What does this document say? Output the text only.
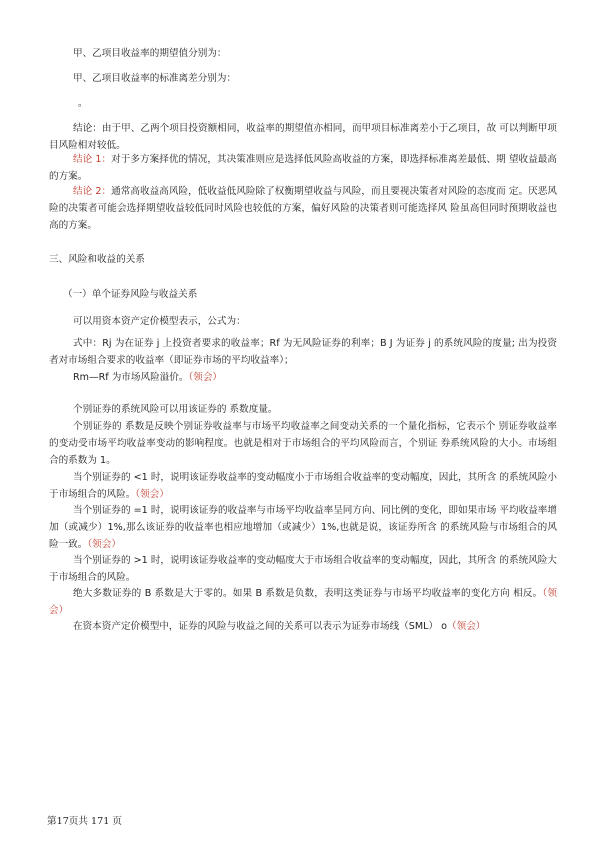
甲、乙项目收益率的期望值分别为：

甲、乙项目收益率的标准离差分别为：

。

结论：由于甲、乙两个项目投资额相同，收益率的期望值亦相同，而甲项目标准离差小于乙项目，故 可以判断甲项目风险相对较低。

结论 1：对于多方案择优的情况，其决策准则应是选择低风险高收益的方案，即选择标准离差最低、期 望收益最高的方案。

结论 2：通常高收益高风险，低收益低风险除了权衡期望收益与风险，而且要视决策者对风险的态度而 定。厌恶风险的决策者可能会选择期望收益较低同时风险也较低的方案，偏好风险的决策者则可能选择风 险虽高但同时预期收益也高的方案。

三、风险和收益的关系

（一）单个证券风险与收益关系

可以用资本资产定价模型表示，公式为：

式中：Rj 为在证券 j 上投资者要求的收益率；Rf 为无风险证券的利率；B J 为证券 j 的系统风险的度量; 出为投资者对市场组合要求的收益率（即证券市场的平均收益率）；

Rm—Rf 为市场风险溢价。（领会）

个别证券的系统风险可以用该证券的 系数度量。

个别证券的 系数是反映个别证券收益率与市场平均收益率之间变动关系的一个量化指标，它表示个 别证券收益率的变动受市场平均收益率变动的影响程度。也就是相对于市场组合的平均风险而言，个别证 券系统风险的大小。市场组合的系数为 1。

当个别证券的 <1 时，说明该证券收益率的变动幅度小于市场组合收益率的变动幅度，因此，其所含 的系统风险小于市场组合的风险。（领会）

当个别证券的 =1 时，说明该证券的收益率与市场平均收益率呈同方向、同比例的变化，即如果市场 平均收益率增加（或减少）1%,那么该证券的收益率也相应地增加（或减少）1%,也就是说，该证券所含 的系统风险与市场组合的风险一致。（领会）

当个别证券的 >1 时，说明该证券收益率的变动幅度大于市场组合收益率的变动幅度，因此，其所含 的系统风险大于市场组合的风险。

绝大多数证券的 B 系数是大于零的。如果 B 系数是负数，表明这类证券与市场平均收益率的变化方向 相反。（领会）

在资本资产定价模型中，证券的风险与收益之间的关系可以表示为证券市场线（SML） o（领会）

第17页共 171 页
